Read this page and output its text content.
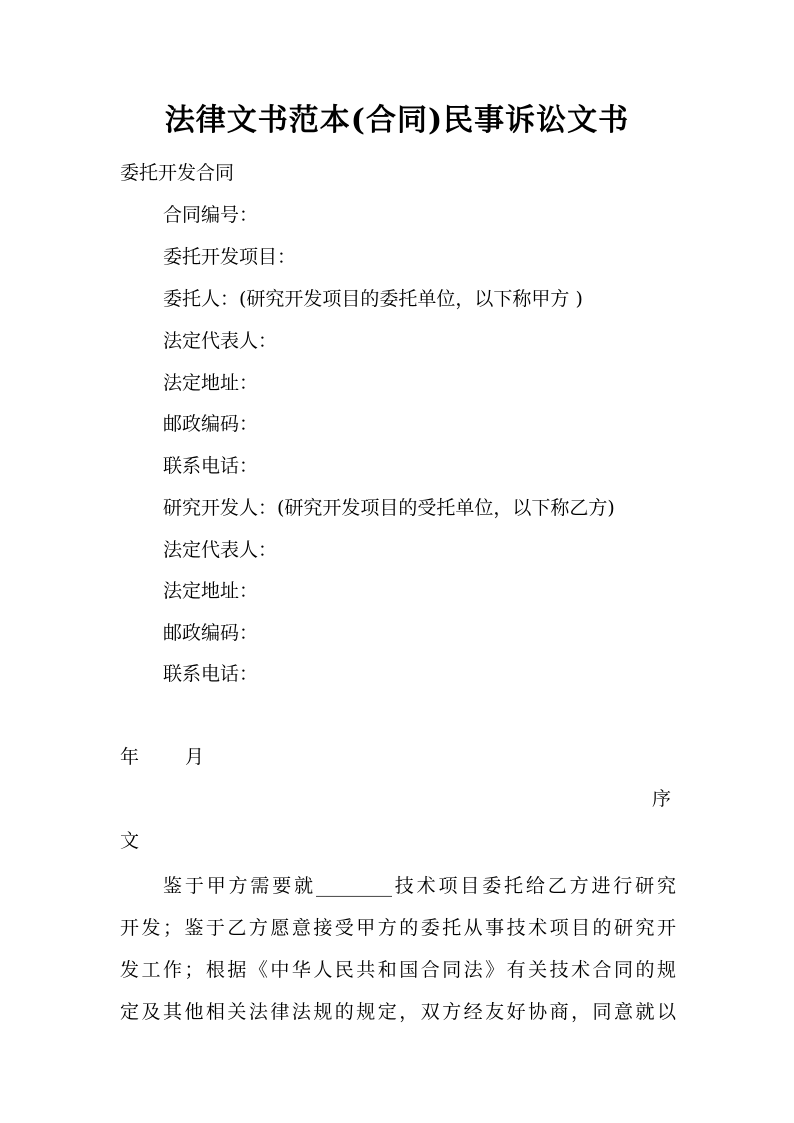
法律文书范本(合同)民事诉讼文书
委托开发合同
合同编号：
委托开发项目：
委托人：(研究开发项目的委托单位，以下称甲方 )
法定代表人：
法定地址：
邮政编码：
联系电话：
研究开发人：(研究开发项目的受托单位，以下称乙方)
法定代表人：
法定地址：
邮政编码：
联系电话：
年 月
序
文
鉴于甲方需要就________技术项目委托给乙方进行研究
开发；鉴于乙方愿意接受甲方的委托从事技术项目的研究开
发工作；根据《中华人民共和国合同法》有关技术合同的规
定及其他相关法律法规的规定，双方经友好协商，同意就以
